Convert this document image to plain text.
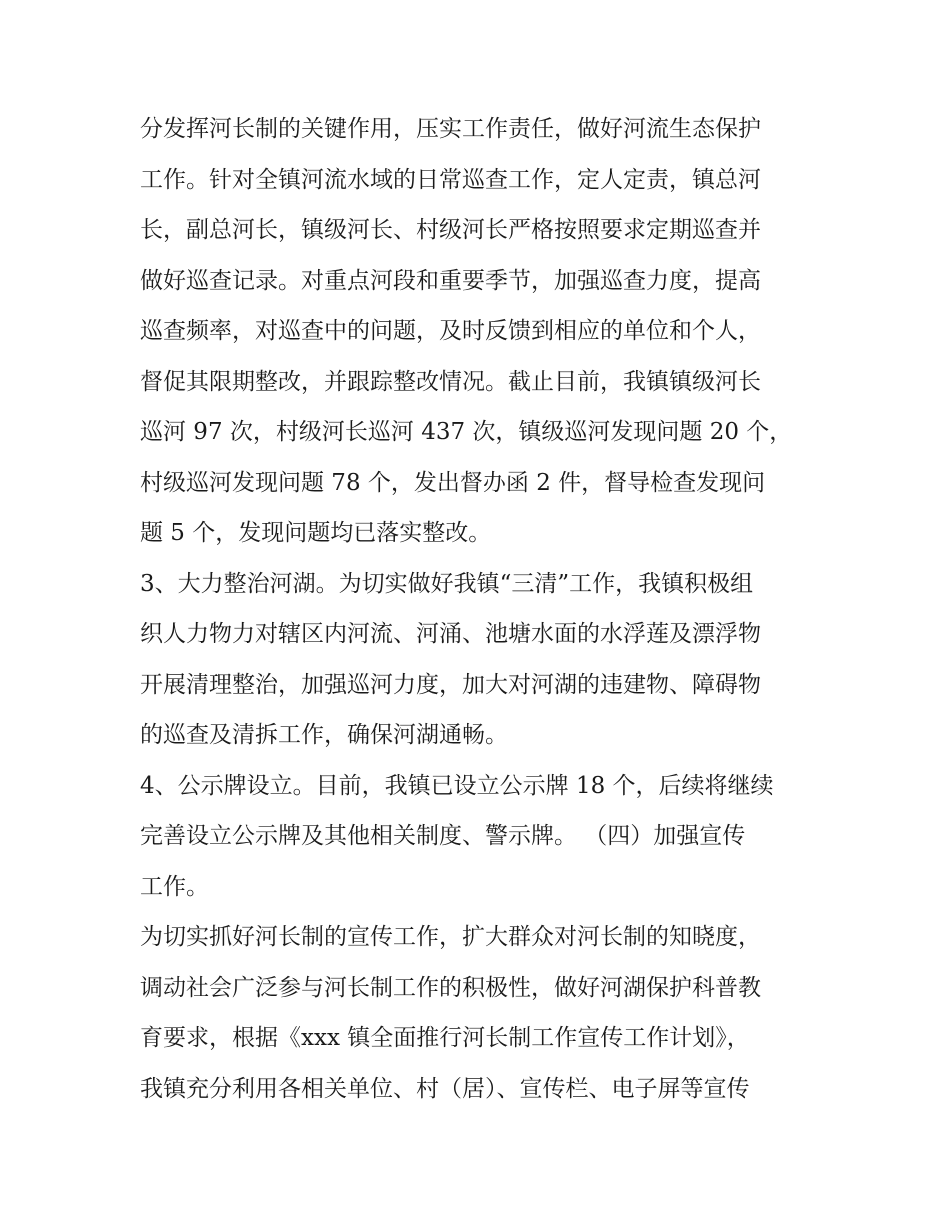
分发挥河长制的关键作用，压实工作责任，做好河流生态保护
工作。针对全镇河流水域的日常巡查工作，定人定责，镇总河
长，副总河长，镇级河长、村级河长严格按照要求定期巡查并
做好巡查记录。对重点河段和重要季节，加强巡查力度，提高
巡查频率，对巡查中的问题，及时反馈到相应的单位和个人，
督促其限期整改，并跟踪整改情况。截止目前，我镇镇级河长
巡河 97 次，村级河长巡河 437 次，镇级巡河发现问题 20 个，
村级巡河发现问题 78 个，发出督办函 2 件，督导检查发现问
题 5 个，发现问题均已落实整改。
3、大力整治河湖。为切实做好我镇“三清”工作，我镇积极组
织人力物力对辖区内河流、河涌、池塘水面的水浮莲及漂浮物
开展清理整治，加强巡河力度，加大对河湖的违建物、障碍物
的巡查及清拆工作，确保河湖通畅。
4、公示牌设立。目前，我镇已设立公示牌 18 个，后续将继续
完善设立公示牌及其他相关制度、警示牌。 （四）加强宣传
工作。
为切实抓好河长制的宣传工作，扩大群众对河长制的知晓度，
调动社会广泛参与河长制工作的积极性，做好河湖保护科普教
育要求，根据《xxx 镇全面推行河长制工作宣传工作计划》，
我镇充分利用各相关单位、村（居）、宣传栏、电子屏等宣传
